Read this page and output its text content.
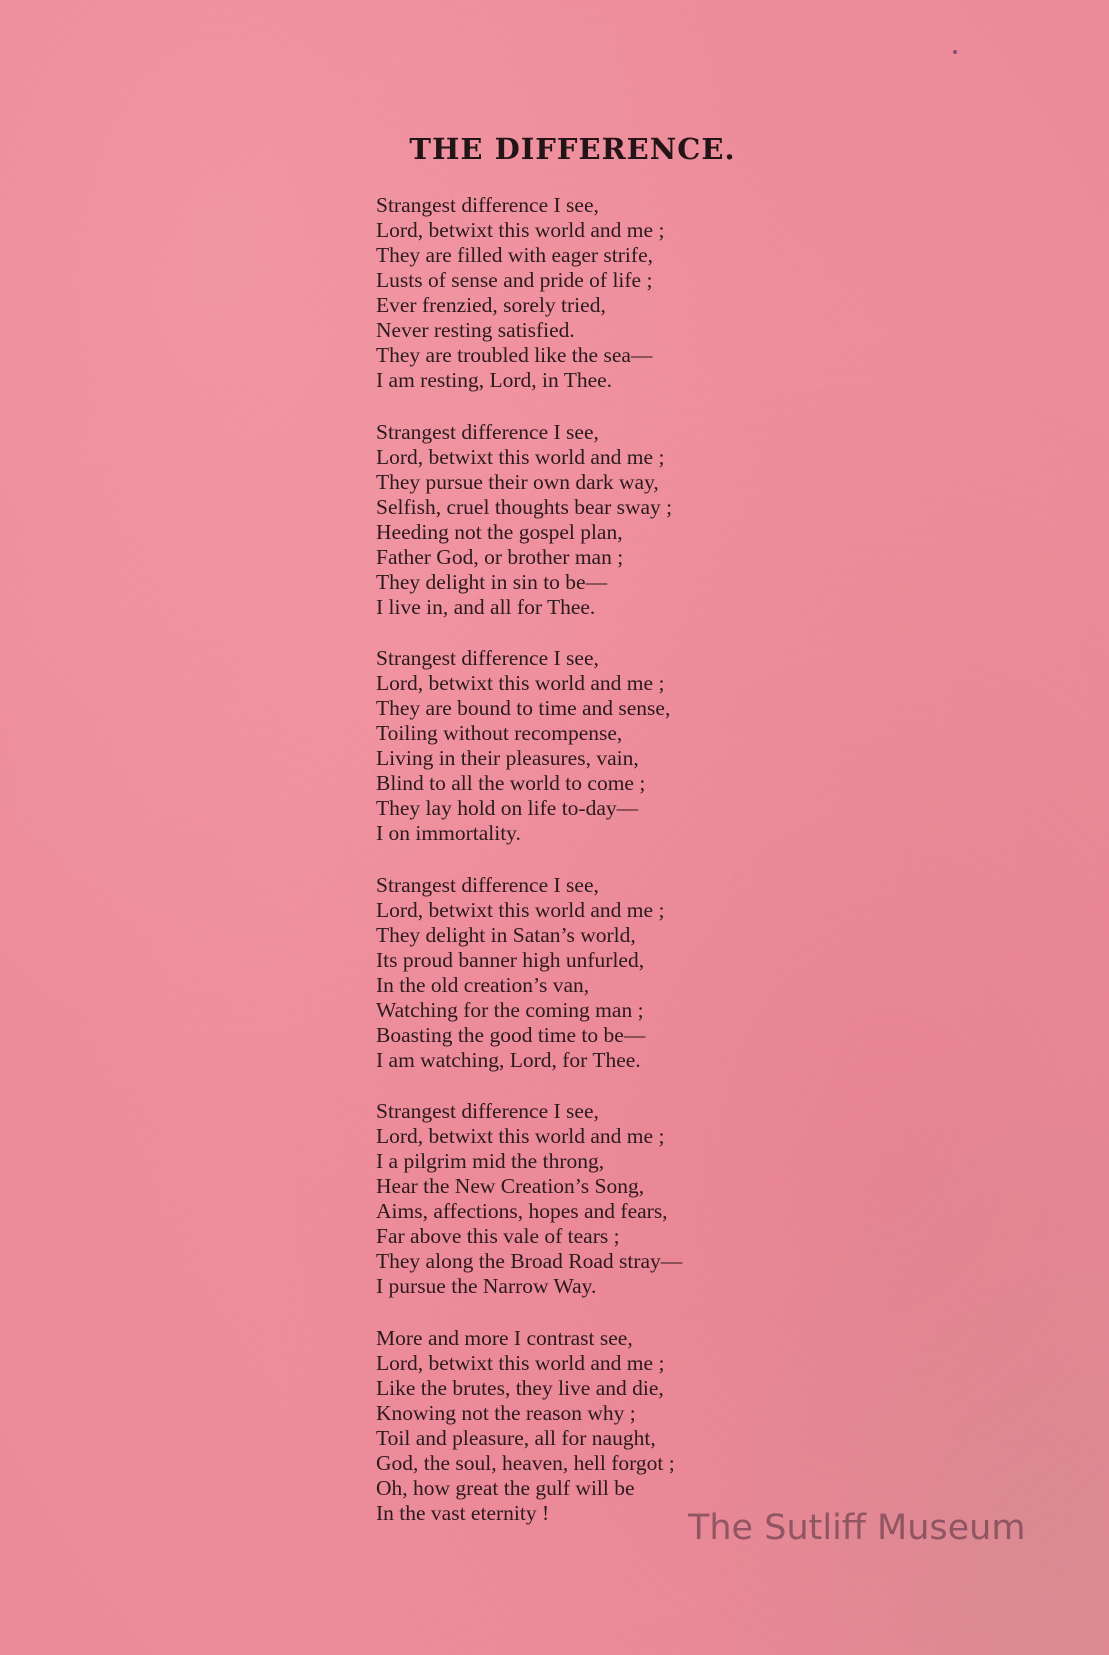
THE DIFFERENCE.
Strangest difference I see,
Lord, betwixt this world and me ;
They are filled with eager strife,
Lusts of sense and pride of life ;
Ever frenzied, sorely tried,
Never resting satisfied.
They are troubled like the sea—
I am resting, Lord, in Thee.
Strangest difference I see,
Lord, betwixt this world and me ;
They pursue their own dark way,
Selfish, cruel thoughts bear sway ;
Heeding not the gospel plan,
Father God, or brother man ;
They delight in sin to be—
I live in, and all for Thee.
Strangest difference I see,
Lord, betwixt this world and me ;
They are bound to time and sense,
Toiling without recompense,
Living in their pleasures, vain,
Blind to all the world to come ;
They lay hold on life to-day—
I on immortality.
Strangest difference I see,
Lord, betwixt this world and me ;
They delight in Satan’s world,
Its proud banner high unfurled,
In the old creation’s van,
Watching for the coming man ;
Boasting the good time to be—
I am watching, Lord, for Thee.
Strangest difference I see,
Lord, betwixt this world and me ;
I a pilgrim mid the throng,
Hear the New Creation’s Song,
Aims, affections, hopes and fears,
Far above this vale of tears ;
They along the Broad Road stray—
I pursue the Narrow Way.
More and more I contrast see,
Lord, betwixt this world and me ;
Like the brutes, they live and die,
Knowing not the reason why ;
Toil and pleasure, all for naught,
God, the soul, heaven, hell forgot ;
Oh, how great the gulf will be
In the vast eternity !	The Sutliff Museum
